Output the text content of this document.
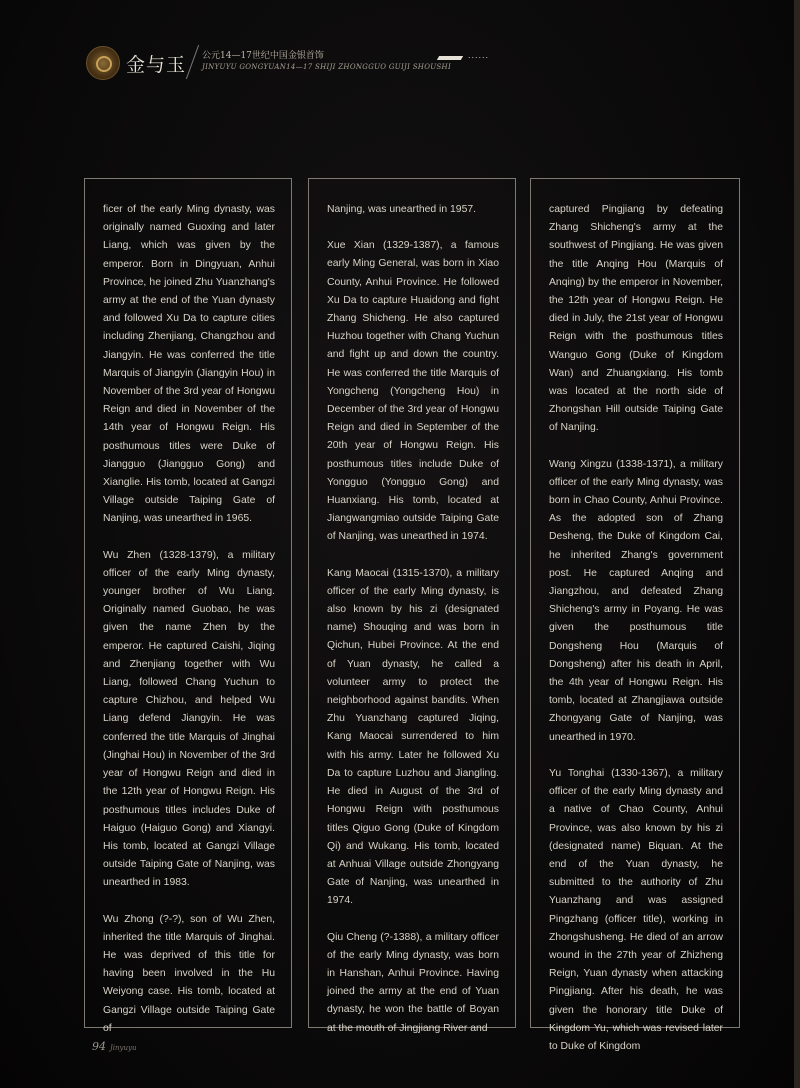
金与玉 公元14—17世纪中国金银首饰
JINYUYU GONGYUAN14—17 SHIJI ZHONGGUO GUIJI SHOUSHI
......

ficer of the early Ming dynasty, was originally named Guoxing and later Liang, which was given by the emperor. Born in Dingyuan, Anhui Province, he joined Zhu Yuanzhang's army at the end of the Yuan dynasty and followed Xu Da to capture cities including Zhenjiang, Changzhou and Jiangyin. He was conferred the title Marquis of Jiangyin (Jiangyin Hou) in November of the 3rd year of Hongwu Reign and died in November of the 14th year of Hongwu Reign. His posthumous titles were Duke of Jiangguo (Jiangguo Gong) and Xianglie. His tomb, located at Gangzi Village outside Taiping Gate of Nanjing, was unearthed in 1965.

Wu Zhen (1328-1379), a military officer of the early Ming dynasty, younger brother of Wu Liang. Originally named Guobao, he was given the name Zhen by the emperor. He captured Caishi, Jiqing and Zhenjiang together with Wu Liang, followed Chang Yuchun to capture Chizhou, and helped Wu Liang defend Jiangyin. He was conferred the title Marquis of Jinghai (Jinghai Hou) in November of the 3rd year of Hongwu Reign and died in the 12th year of Hongwu Reign. His posthumous titles includes Duke of Haiguo (Haiguo Gong) and Xiangyi. His tomb, located at Gangzi Village outside Taiping Gate of Nanjing, was unearthed in 1983.

Wu Zhong (?-?), son of Wu Zhen, inherited the title Marquis of Jinghai. He was deprived of this title for having been involved in the Hu Weiyong case. His tomb, located at Gangzi Village outside Taiping Gate of

Nanjing, was unearthed in 1957.

Xue Xian (1329-1387), a famous early Ming General, was born in Xiao County, Anhui Province. He followed Xu Da to capture Huaidong and fight Zhang Shicheng. He also captured Huzhou together with Chang Yuchun and fight up and down the country. He was conferred the title Marquis of Yongcheng (Yongcheng Hou) in December of the 3rd year of Hongwu Reign and died in September of the 20th year of Hongwu Reign. His posthumous titles include Duke of Yongguo (Yongguo Gong) and Huanxiang. His tomb, located at Jiangwangmiao outside Taiping Gate of Nanjing, was unearthed in 1974.

Kang Maocai (1315-1370), a military officer of the early Ming dynasty, is also known by his zi (designated name) Shouqing and was born in Qichun, Hubei Province. At the end of Yuan dynasty, he called a volunteer army to protect the neighborhood against bandits. When Zhu Yuanzhang captured Jiqing, Kang Maocai surrendered to him with his army. Later he followed Xu Da to capture Luzhou and Jiangling. He died in August of the 3rd of Hongwu Reign with posthumous titles Qiguo Gong (Duke of Kingdom Qi) and Wukang. His tomb, located at Anhuai Village outside Zhongyang Gate of Nanjing, was unearthed in 1974.

Qiu Cheng (?-1388), a military officer of the early Ming dynasty, was born in Hanshan, Anhui Province. Having joined the army at the end of Yuan dynasty, he won the battle of Boyan at the mouth of Jingjiang River and

captured Pingjiang by defeating Zhang Shicheng's army at the southwest of Pingjiang. He was given the title Anqing Hou (Marquis of Anqing) by the emperor in November, the 12th year of Hongwu Reign. He died in July, the 21st year of Hongwu Reign with the posthumous titles Wanguo Gong (Duke of Kingdom Wan) and Zhuangxiang. His tomb was located at the north side of Zhongshan Hill outside Taiping Gate of Nanjing.

Wang Xingzu (1338-1371), a military officer of the early Ming dynasty, was born in Chao County, Anhui Province. As the adopted son of Zhang Desheng, the Duke of Kingdom Cai, he inherited Zhang's government post. He captured Anqing and Jiangzhou, and defeated Zhang Shicheng's army in Poyang. He was given the posthumous title Dongsheng Hou (Marquis of Dongsheng) after his death in April, the 4th year of Hongwu Reign. His tomb, located at Zhangjiawa outside Zhongyang Gate of Nanjing, was unearthed in 1970.

Yu Tonghai (1330-1367), a military officer of the early Ming dynasty and a native of Chao County, Anhui Province, was also known by his zi (designated name) Biquan. At the end of the Yuan dynasty, he submitted to the authority of Zhu Yuanzhang and was assigned Pingzhang (officer title), working in Zhongshusheng. He died of an arrow wound in the 27th year of Zhizheng Reign, Yuan dynasty when attacking Pingjiang. After his death, he was given the honorary title Duke of Kingdom Yu, which was revised later to Duke of Kingdom

94 Jinyuyu
